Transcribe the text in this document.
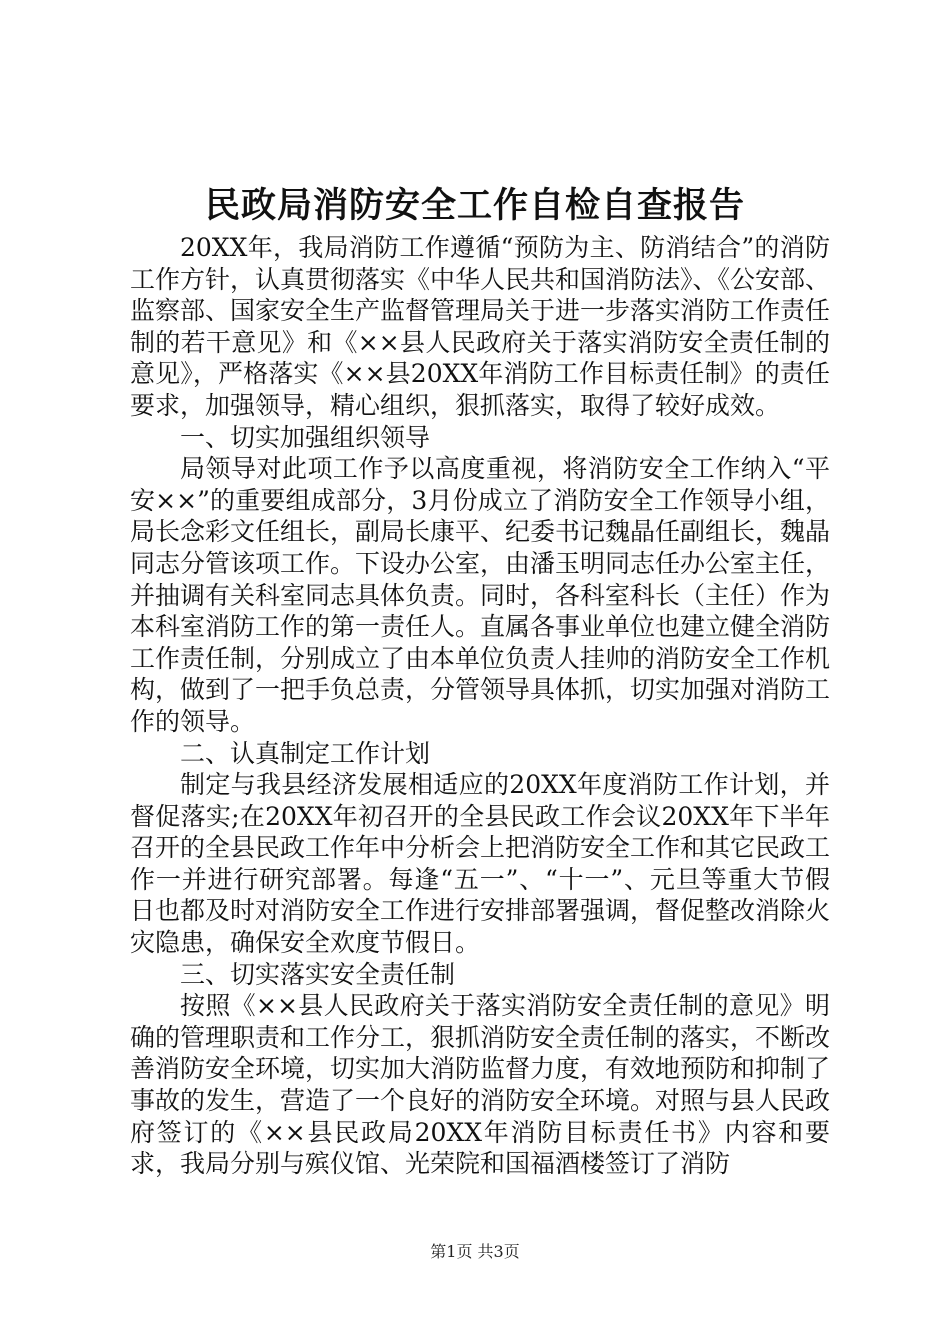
民政局消防安全工作自检自查报告

20XX年，我局消防工作遵循“预防为主、防消结合”的消防工作方针，认真贯彻落实《中华人民共和国消防法》、《公安部、监察部、国家安全生产监督管理局关于进一步落实消防工作责任制的若干意见》和《××县人民政府关于落实消防安全责任制的意见》，严格落实《××县20XX年消防工作目标责任制》的责任要求，加强领导，精心组织，狠抓落实，取得了较好成效。

一、切实加强组织领导

局领导对此项工作予以高度重视，将消防安全工作纳入“平安××”的重要组成部分，3月份成立了消防安全工作领导小组，局长念彩文任组长，副局长康平、纪委书记魏晶任副组长，魏晶同志分管该项工作。下设办公室，由潘玉明同志任办公室主任，并抽调有关科室同志具体负责。同时，各科室科长（主任）作为本科室消防工作的第一责任人。直属各事业单位也建立健全消防工作责任制，分别成立了由本单位负责人挂帅的消防安全工作机构，做到了一把手负总责，分管领导具体抓，切实加强对消防工作的领导。

二、认真制定工作计划

制定与我县经济发展相适应的20XX年度消防工作计划，并督促落实;在20XX年初召开的全县民政工作会议20XX年下半年召开的全县民政工作年中分析会上把消防安全工作和其它民政工作一并进行研究部署。每逢“五一”、“十一”、元旦等重大节假日也都及时对消防安全工作进行安排部署强调，督促整改消除火灾隐患，确保安全欢度节假日。

三、切实落实安全责任制

按照《××县人民政府关于落实消防安全责任制的意见》明确的管理职责和工作分工，狠抓消防安全责任制的落实，不断改善消防安全环境，切实加大消防监督力度，有效地预防和抑制了事故的发生，营造了一个良好的消防安全环境。对照与县人民政府签订的《××县民政局20XX年消防目标责任书》内容和要求，我局分别与殡仪馆、光荣院和国福酒楼签订了消防

第1页 共3页
